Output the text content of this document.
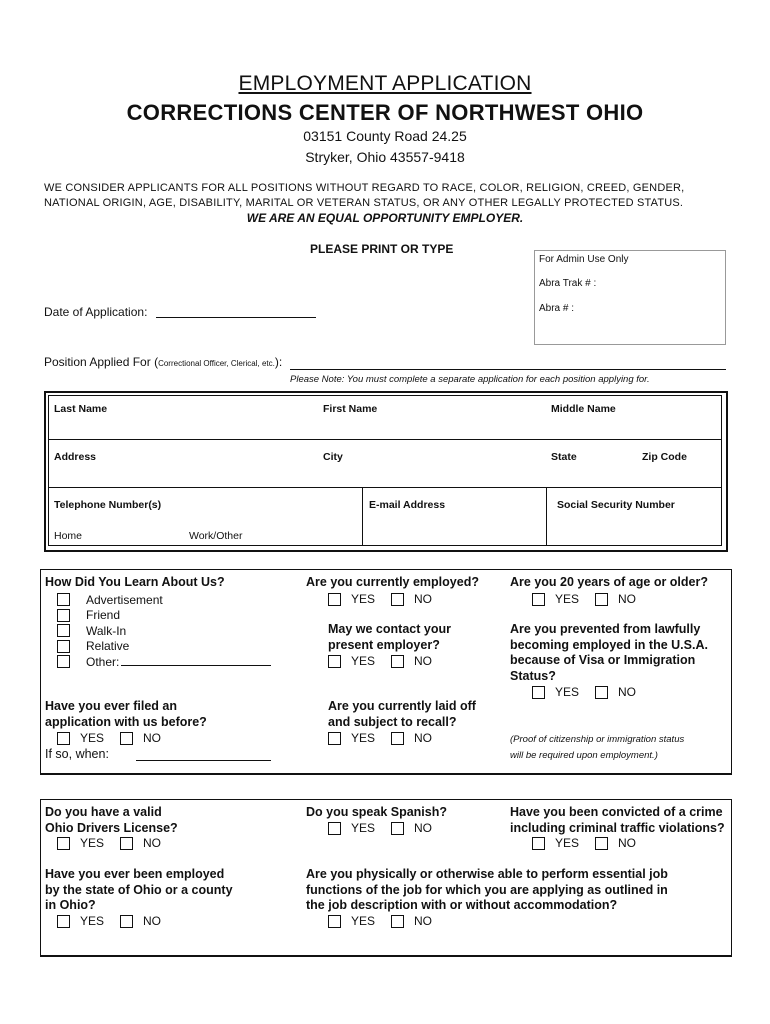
EMPLOYMENT APPLICATION
CORRECTIONS CENTER OF NORTHWEST OHIO
03151 County Road 24.25
Stryker, Ohio 43557-9418
WE CONSIDER APPLICANTS FOR ALL POSITIONS WITHOUT REGARD TO RACE, COLOR, RELIGION, CREED, GENDER,
NATIONAL ORIGIN, AGE, DISABILITY, MARITAL OR VETERAN STATUS, OR ANY OTHER LEGALLY PROTECTED STATUS.
WE ARE AN EQUAL OPPORTUNITY EMPLOYER.
PLEASE PRINT OR TYPE
For Admin Use Only
Abra Trak # :
Abra # :
Date of Application:
Position Applied For (Correctional Officer, Clerical, etc.):
Please Note: You must complete a separate application for each position applying for.
Last Name	First Name	Middle Name
Address	City	State	Zip Code
Telephone Number(s)	E-mail Address	Social Security Number
Home	Work/Other
How Did You Learn About Us?
Advertisement
Friend
Walk-In
Relative
Other:
Are you currently employed?
YES	NO
Are you 20 years of age or older?
YES	NO
May we contact your
present employer?
YES	NO
Are you prevented from lawfully
becoming employed in the U.S.A.
because of Visa or Immigration
Status?
YES	NO
Have you ever filed an
application with us before?
YES	NO
If so, when:
Are you currently laid off
and subject to recall?
YES	NO	(Proof of citizenship or immigration status
will be required upon employment.)
Do you have a valid
Ohio Drivers License?
YES	NO
Do you speak Spanish?
YES	NO
Have you been convicted of a crime
including criminal traffic violations?
YES	NO
Have you ever been employed
by the state of Ohio or a county
in Ohio?
YES	NO
Are you physically or otherwise able to perform essential job
functions of the job for which you are applying as outlined in
the job description with or without accommodation?
YES	NO
